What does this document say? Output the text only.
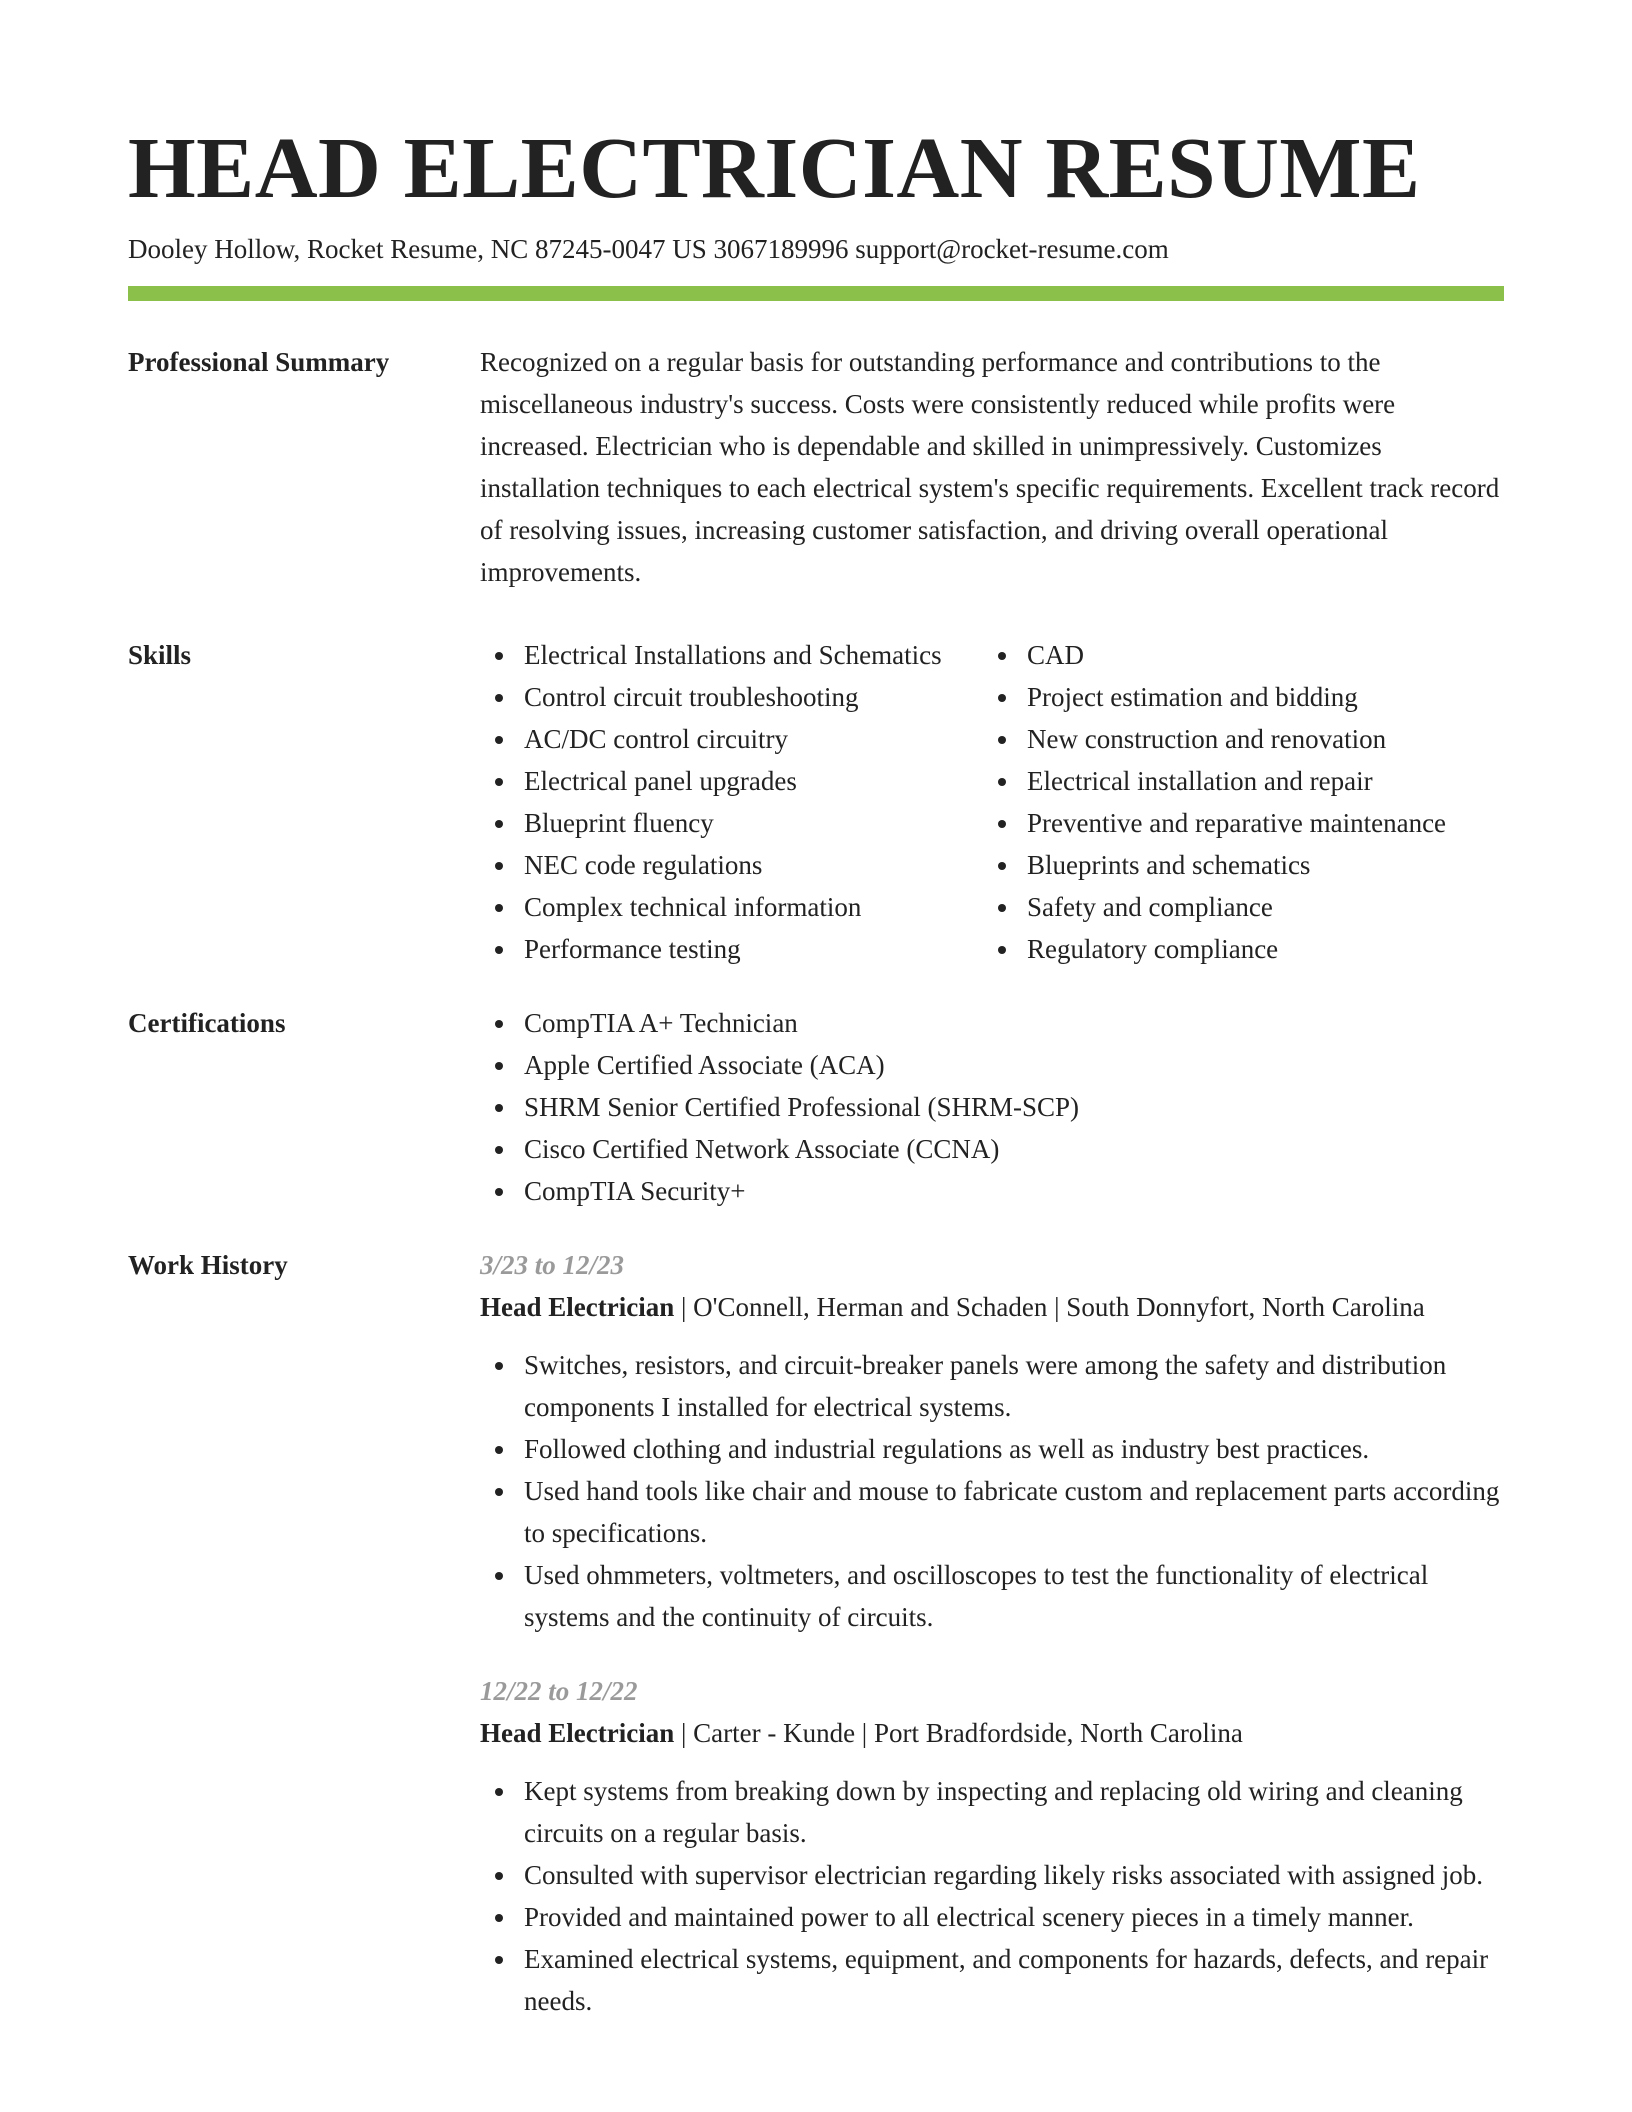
HEAD ELECTRICIAN RESUME
Dooley Hollow, Rocket Resume, NC 87245-0047 US 3067189996 support@rocket-resume.com
Professional Summary	Recognized on a regular basis for outstanding performance and contributions to the miscellaneous industry's success. Costs were consistently reduced while profits were increased. Electrician who is dependable and skilled in unimpressively. Customizes installation techniques to each electrical system's specific requirements. Excellent track record of resolving issues, increasing customer satisfaction, and driving overall operational improvements.
Skills	Electrical Installations and Schematics
Control circuit troubleshooting
AC/DC control circuitry
Electrical panel upgrades
Blueprint fluency
NEC code regulations
Complex technical information
Performance testing
CAD
Project estimation and bidding
New construction and renovation
Electrical installation and repair
Preventive and reparative maintenance
Blueprints and schematics
Safety and compliance
Regulatory compliance
Certifications	CompTIA A+ Technician
Apple Certified Associate (ACA)
SHRM Senior Certified Professional (SHRM-SCP)
Cisco Certified Network Associate (CCNA)
CompTIA Security+
Work History	3/23 to 12/23
Head Electrician | O'Connell, Herman and Schaden | South Donnyfort, North Carolina
Switches, resistors, and circuit-breaker panels were among the safety and distribution components I installed for electrical systems.
Followed clothing and industrial regulations as well as industry best practices.
Used hand tools like chair and mouse to fabricate custom and replacement parts according to specifications.
Used ohmmeters, voltmeters, and oscilloscopes to test the functionality of electrical systems and the continuity of circuits.
12/22 to 12/22
Head Electrician | Carter - Kunde | Port Bradfordside, North Carolina
Kept systems from breaking down by inspecting and replacing old wiring and cleaning circuits on a regular basis.
Consulted with supervisor electrician regarding likely risks associated with assigned job.
Provided and maintained power to all electrical scenery pieces in a timely manner.
Examined electrical systems, equipment, and components for hazards, defects, and repair needs.
